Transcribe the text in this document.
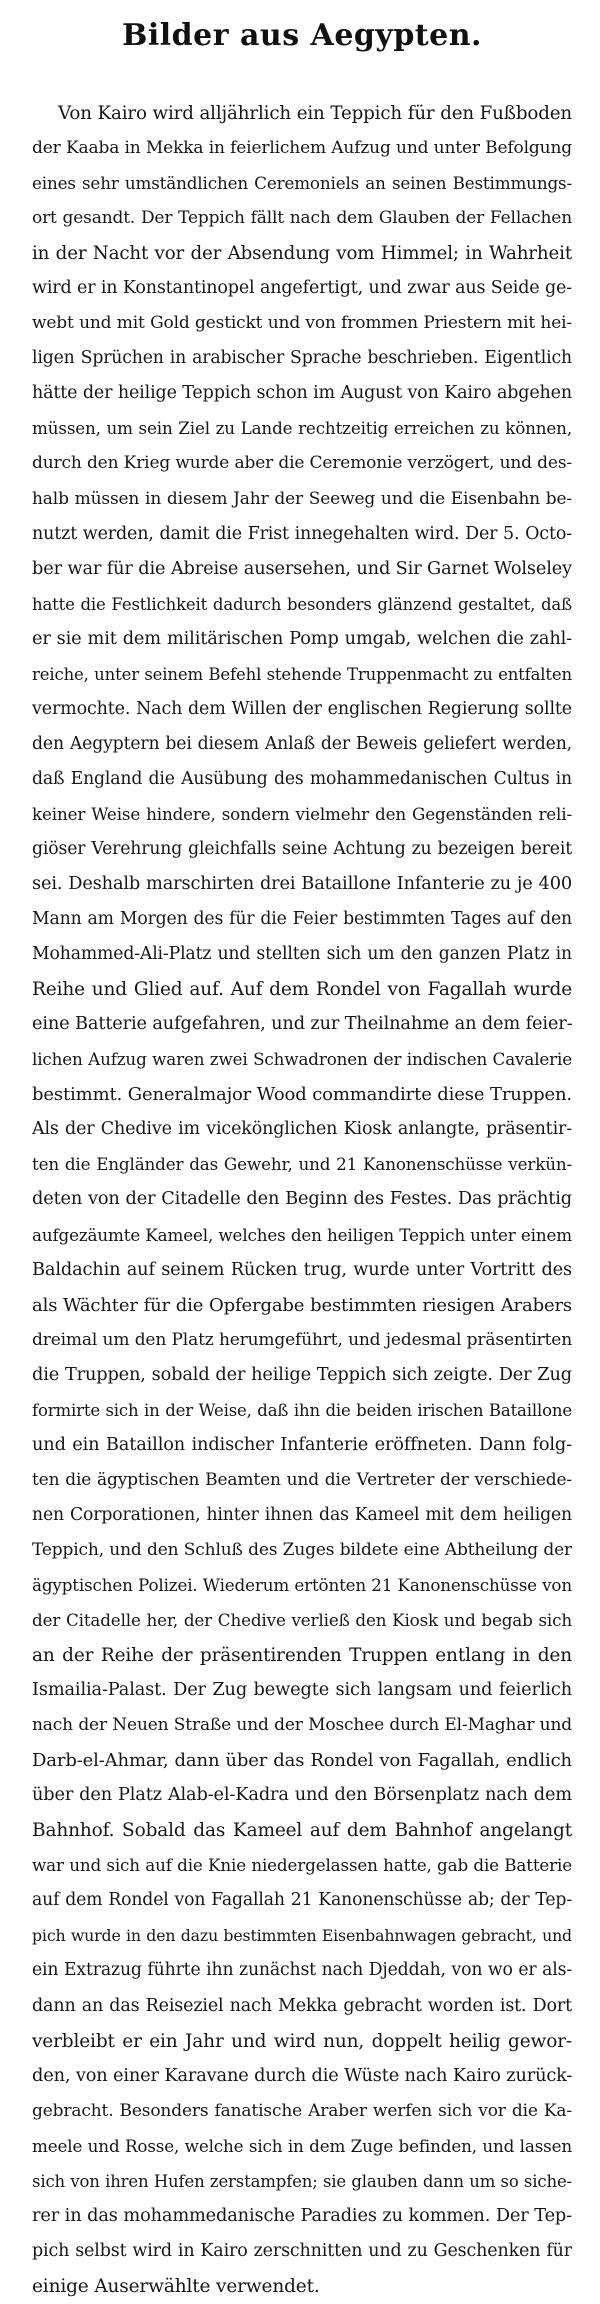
Bilder aus Aegypten.
Von Kairo wird alljährlich ein Teppich für den Fußboden
der Kaaba in Mekka in feierlichem Aufzug und unter Befolgung
eines sehr umständlichen Ceremoniels an seinen Bestimmungs-
ort gesandt. Der Teppich fällt nach dem Glauben der Fellachen
in der Nacht vor der Absendung vom Himmel; in Wahrheit
wird er in Konstantinopel angefertigt, und zwar aus Seide ge-
webt und mit Gold gestickt und von frommen Priestern mit hei-
ligen Sprüchen in arabischer Sprache beschrieben. Eigentlich
hätte der heilige Teppich schon im August von Kairo abgehen
müssen, um sein Ziel zu Lande rechtzeitig erreichen zu können,
durch den Krieg wurde aber die Ceremonie verzögert, und des-
halb müssen in diesem Jahr der Seeweg und die Eisenbahn be-
nutzt werden, damit die Frist innegehalten wird. Der 5. Octo-
ber war für die Abreise ausersehen, und Sir Garnet Wolseley
hatte die Festlichkeit dadurch besonders glänzend gestaltet, daß
er sie mit dem militärischen Pomp umgab, welchen die zahl-
reiche, unter seinem Befehl stehende Truppenmacht zu entfalten
vermochte. Nach dem Willen der englischen Regierung sollte
den Aegyptern bei diesem Anlaß der Beweis geliefert werden,
daß England die Ausübung des mohammedanischen Cultus in
keiner Weise hindere, sondern vielmehr den Gegenständen reli-
giöser Verehrung gleichfalls seine Achtung zu bezeigen bereit
sei. Deshalb marschirten drei Bataillone Infanterie zu je 400
Mann am Morgen des für die Feier bestimmten Tages auf den
Mohammed-Ali-Platz und stellten sich um den ganzen Platz in
Reihe und Glied auf. Auf dem Rondel von Fagallah wurde
eine Batterie aufgefahren, und zur Theilnahme an dem feier-
lichen Aufzug waren zwei Schwadronen der indischen Cavalerie
bestimmt. Generalmajor Wood commandirte diese Truppen.
Als der Chedive im vicekönglichen Kiosk anlangte, präsentir-
ten die Engländer das Gewehr, und 21 Kanonenschüsse verkün-
deten von der Citadelle den Beginn des Festes. Das prächtig
aufgezäumte Kameel, welches den heiligen Teppich unter einem
Baldachin auf seinem Rücken trug, wurde unter Vortritt des
als Wächter für die Opfergabe bestimmten riesigen Arabers
dreimal um den Platz herumgeführt, und jedesmal präsentirten
die Truppen, sobald der heilige Teppich sich zeigte. Der Zug
formirte sich in der Weise, daß ihn die beiden irischen Bataillone
und ein Bataillon indischer Infanterie eröffneten. Dann folg-
ten die ägyptischen Beamten und die Vertreter der verschiede-
nen Corporationen, hinter ihnen das Kameel mit dem heiligen
Teppich, und den Schluß des Zuges bildete eine Abtheilung der
ägyptischen Polizei. Wiederum ertönten 21 Kanonenschüsse von
der Citadelle her, der Chedive verließ den Kiosk und begab sich
an der Reihe der präsentirenden Truppen entlang in den
Ismailia-Palast. Der Zug bewegte sich langsam und feierlich
nach der Neuen Straße und der Moschee durch El-Maghar und
Darb-el-Ahmar, dann über das Rondel von Fagallah, endlich
über den Platz Alab-el-Kadra und den Börsenplatz nach dem
Bahnhof. Sobald das Kameel auf dem Bahnhof angelangt
war und sich auf die Knie niedergelassen hatte, gab die Batterie
auf dem Rondel von Fagallah 21 Kanonenschüsse ab; der Tep-
pich wurde in den dazu bestimmten Eisenbahnwagen gebracht, und
ein Extrazug führte ihn zunächst nach Djeddah, von wo er als-
dann an das Reiseziel nach Mekka gebracht worden ist. Dort
verbleibt er ein Jahr und wird nun, doppelt heilig gewor-
den, von einer Karavane durch die Wüste nach Kairo zurück-
gebracht. Besonders fanatische Araber werfen sich vor die Ka-
meele und Rosse, welche sich in dem Zuge befinden, und lassen
sich von ihren Hufen zerstampfen; sie glauben dann um so siche-
rer in das mohammedanische Paradies zu kommen. Der Tep-
pich selbst wird in Kairo zerschnitten und zu Geschenken für
einige Auserwählte verwendet.
